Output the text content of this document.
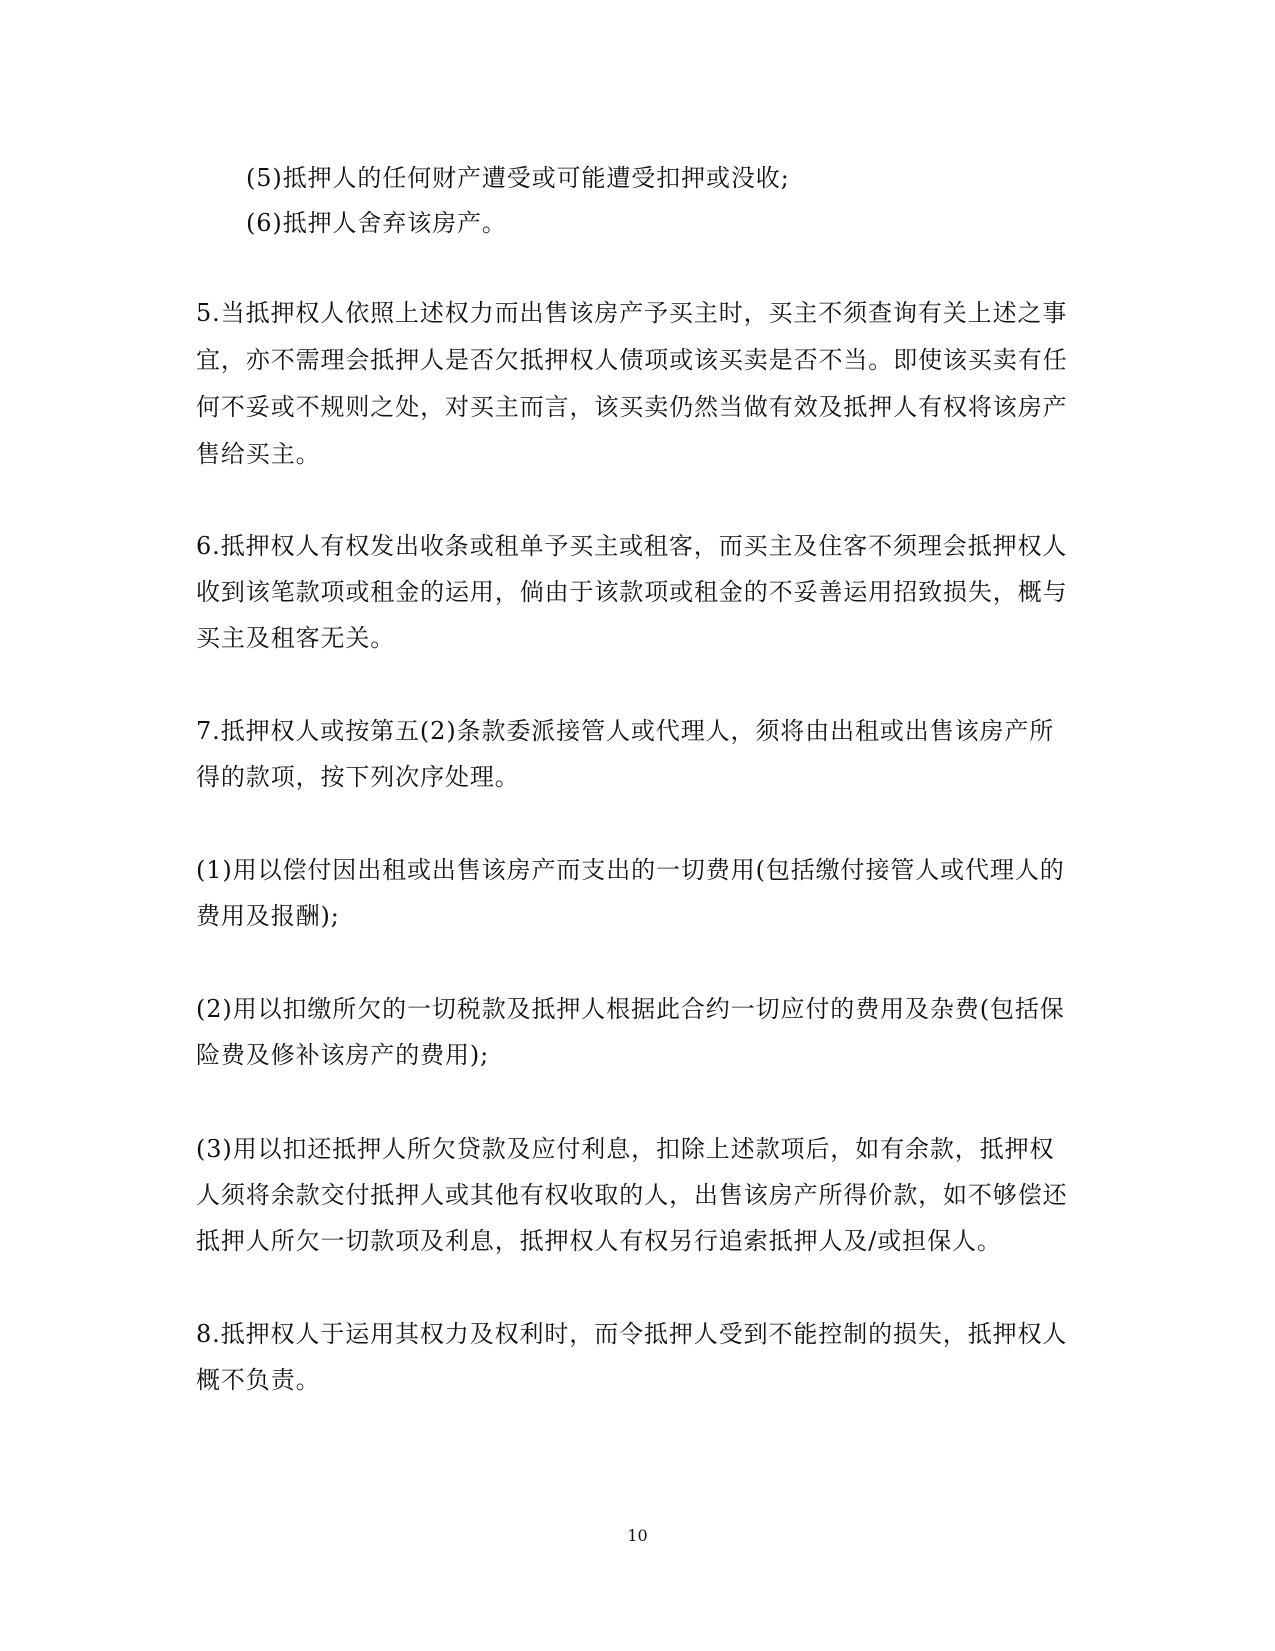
(5)抵押人的任何财产遭受或可能遭受扣押或没收;
(6)抵押人舍弃该房产。
5.当抵押权人依照上述权力而出售该房产予买主时，买主不须查询有关上述之事
宜，亦不需理会抵押人是否欠抵押权人债项或该买卖是否不当。即使该买卖有任
何不妥或不规则之处，对买主而言，该买卖仍然当做有效及抵押人有权将该房产
售给买主。
6.抵押权人有权发出收条或租单予买主或租客，而买主及住客不须理会抵押权人
收到该笔款项或租金的运用，倘由于该款项或租金的不妥善运用招致损失，概与
买主及租客无关。
7.抵押权人或按第五(2)条款委派接管人或代理人，须将由出租或出售该房产所
得的款项，按下列次序处理。
(1)用以偿付因出租或出售该房产而支出的一切费用(包括缴付接管人或代理人的
费用及报酬);
(2)用以扣缴所欠的一切税款及抵押人根据此合约一切应付的费用及杂费(包括保
险费及修补该房产的费用);
(3)用以扣还抵押人所欠贷款及应付利息，扣除上述款项后，如有余款，抵押权
人须将余款交付抵押人或其他有权收取的人，出售该房产所得价款，如不够偿还
抵押人所欠一切款项及利息，抵押权人有权另行追索抵押人及/或担保人。
8.抵押权人于运用其权力及权利时，而令抵押人受到不能控制的损失，抵押权人
概不负责。
10
